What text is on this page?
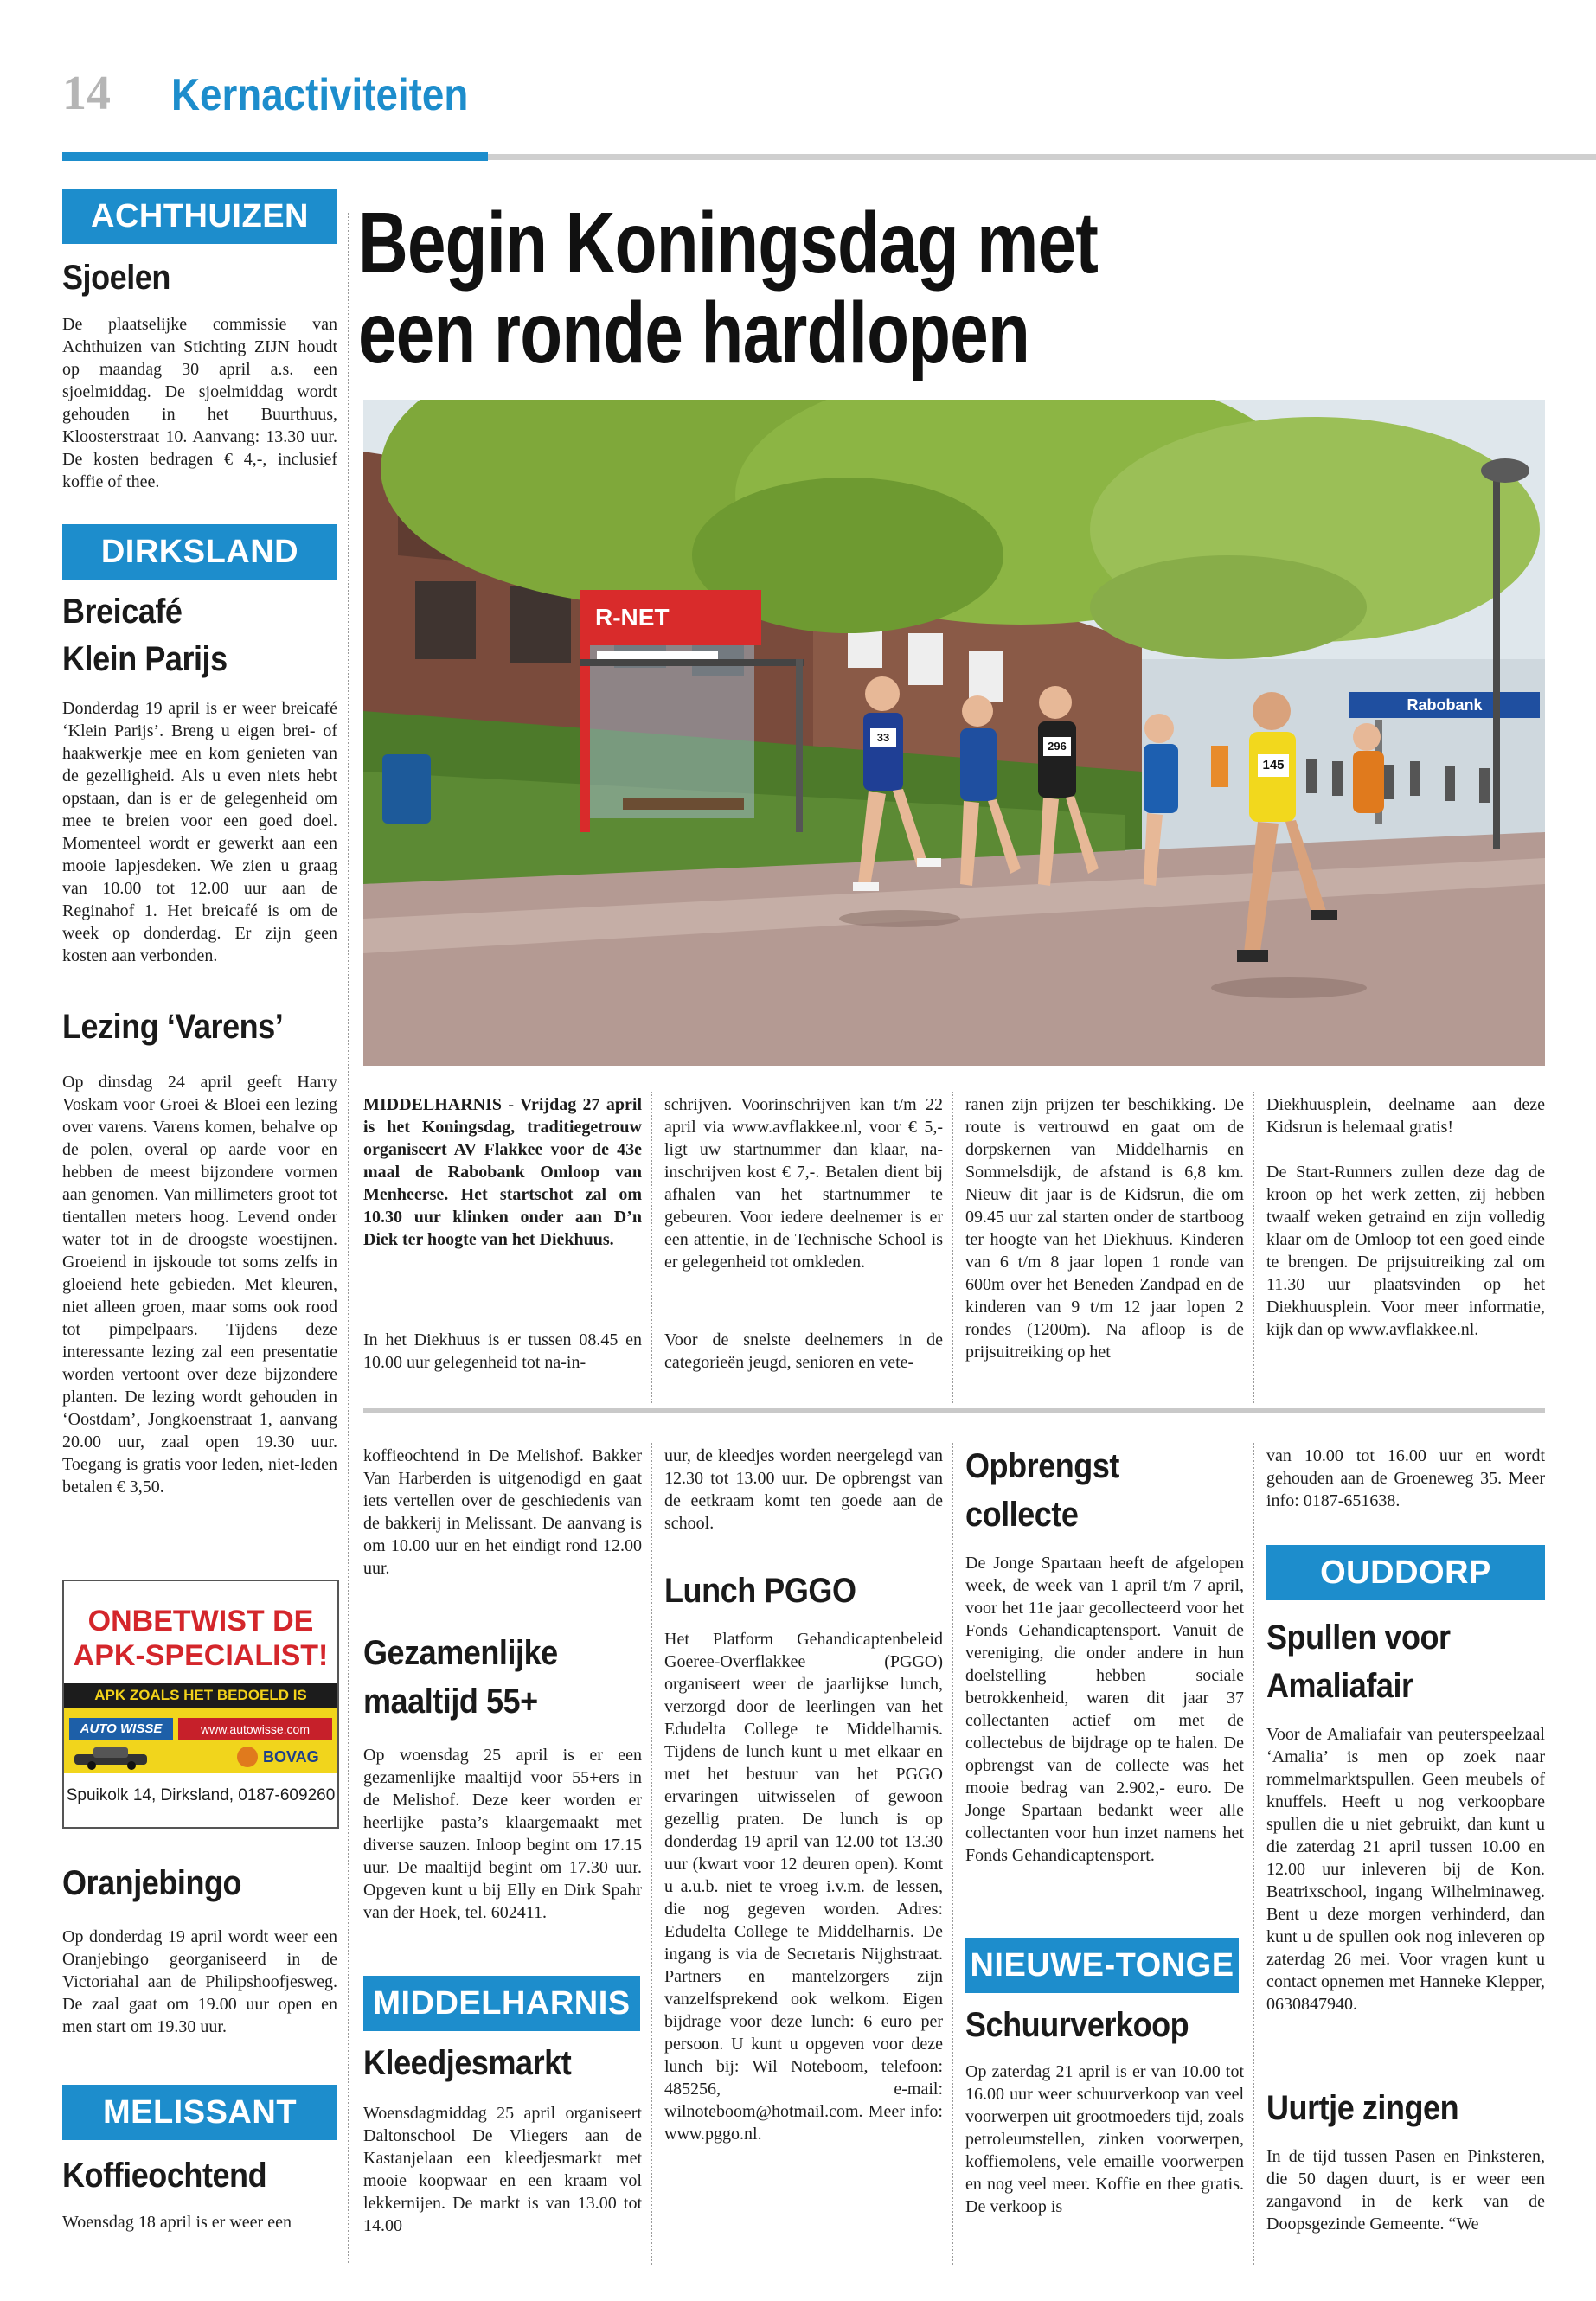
14 Kernactiviteiten
ACHTHUIZEN
Sjoelen

De plaatselijke commissie van Achthuizen van Stichting ZIJN houdt op maandag 30 april a.s. een sjoelmiddag. De sjoelmiddag wordt gehouden in het Buurthuus, Kloosterstraat 10. Aanvang: 13.30 uur. De kosten bedragen € 4,-, inclusief koffie of thee.

DIRKSLAND
Breicafé
Klein Parijs

Donderdag 19 april is er weer breicafé ‘Klein Parijs’. Breng u eigen brei- of haakwerkje mee en kom genieten van de gezelligheid. Als u even niets hebt opstaan, dan is er de gelegenheid om mee te breien voor een goed doel. Momenteel wordt er gewerkt aan een mooie lapjesdeken. We zien u graag van 10.00 tot 12.00 uur aan de Reginahof 1. Het breicafé is om de week op donderdag. Er zijn geen kosten aan verbonden.

Lezing ‘Varens’

Op dinsdag 24 april geeft Harry Voskam voor Groei & Bloei een lezing over varens. Varens komen, behalve op de polen, overal op aarde voor en hebben de meest bijzondere vormen aan genomen. Van millimeters groot tot tientallen meters hoog. Levend onder water tot in de droogste woestijnen. Groeiend in ijskoude tot soms zelfs in gloeiend hete gebieden. Met kleuren, niet alleen groen, maar soms ook rood tot pimpelpaars. Tijdens deze interessante lezing zal een presentatie worden vertoont over deze bijzondere planten. De lezing wordt gehouden in ‘Oostdam’, Jongkoenstraat 1, aanvang 20.00 uur, zaal open 19.30 uur. Toegang is gratis voor leden, niet-leden betalen € 3,50.

ONBETWIST DE
APK-SPECIALIST!
APK ZOALS HET BEDOELD IS
AUTO WISSE	www.autowisse.com
BOVAG
Spuikolk 14, Dirksland, 0187-609260
Oranjebingo

Op donderdag 19 april wordt weer een Oranjebingo georganiseerd in de Victoriahal aan de Philipshoofjesweg. De zaal gaat om 19.00 uur open en men start om 19.30 uur.

MELISSANT
Koffieochtend

Woensdag 18 april is er weer een

Begin Koningsdag met
een ronde hardlopen
R-NET
Rabobank
296
145
33

MIDDELHARNIS - Vrijdag 27 april is het Koningsdag, traditiegetrouw organiseert AV Flakkee voor de 43e maal de Rabobank Omloop van Menheerse. Het startschot zal om 10.30 uur klinken onder aan D’n Diek ter hoogte van het Diekhuus.

In het Diekhuus is er tussen 08.45 en 10.00 uur gelegenheid tot na-in-

schrijven. Voorinschrijven kan t/m 22 april via www.avflakkee.nl, voor € 5,- ligt uw startnummer dan klaar, na-inschrijven kost € 7,-. Betalen dient bij afhalen van het startnummer te gebeuren. Voor iedere deelnemer is er een attentie, in de Technische School is er gelegenheid tot omkleden.

Voor de snelste deelnemers in de categorieën jeugd, senioren en vete-

ranen zijn prijzen ter beschikking. De route is vertrouwd en gaat om de dorpskernen van Middelharnis en Sommelsdijk, de afstand is 6,8 km. Nieuw dit jaar is de Kidsrun, die om 09.45 uur zal starten onder de startboog ter hoogte van het Diekhuus. Kinderen van 6 t/m 8 jaar lopen 1 ronde van 600m over het Beneden Zandpad en de kinderen van 9 t/m 12 jaar lopen 2 rondes (1200m). Na afloop is de prijsuitreiking op het

Diekhuusplein, deelname aan deze Kidsrun is helemaal gratis!

De Start-Runners zullen deze dag de kroon op het werk zetten, zij hebben twaalf weken getraind en zijn volledig klaar om de Omloop tot een goed einde te brengen. De prijsuitreiking zal om 11.30 uur plaatsvinden op het Diekhuusplein. Voor meer informatie, kijk dan op www.avflakkee.nl.

koffieochtend in De Melishof. Bakker Van Harberden is uitgenodigd en gaat iets vertellen over de geschiedenis van de bakkerij in Melissant. De aanvang is om 10.00 uur en het eindigt rond 12.00 uur.

Gezamenlijke
maaltijd 55+

Op woensdag 25 april is er een gezamenlijke maaltijd voor 55+ers in de Melishof. Deze keer worden er heerlijke pasta’s klaargemaakt met diverse sauzen. Inloop begint om 17.15 uur. De maaltijd begint om 17.30 uur. Opgeven kunt u bij Elly en Dirk Spahr van der Hoek, tel. 602411.

MIDDELHARNIS
Kleedjesmarkt

Woensdagmiddag 25 april organiseert Daltonschool De Vliegers aan de Kastanjelaan een kleedjesmarkt met mooie koopwaar en een kraam vol lekkernijen. De markt is van 13.00 tot 14.00

uur, de kleedjes worden neergelegd van 12.30 tot 13.00 uur. De opbrengst van de eetkraam komt ten goede aan de school.

Lunch PGGO

Het Platform Gehandicaptenbeleid Goeree-Overflakkee (PGGO) organiseert weer de jaarlijkse lunch, verzorgd door de leerlingen van het Edudelta College te Middelharnis. Tijdens de lunch kunt u met elkaar en met het bestuur van het PGGO ervaringen uitwisselen of gewoon gezellig praten. De lunch is op donderdag 19 april van 12.00 tot 13.30 uur (kwart voor 12 deuren open). Komt u a.u.b. niet te vroeg i.v.m. de lessen, die nog gegeven worden. Adres: Edudelta College te Middelharnis. De ingang is via de Secretaris Nijghstraat. Partners en mantelzorgers zijn vanzelfsprekend ook welkom. Eigen bijdrage voor deze lunch: 6 euro per persoon. U kunt u opgeven voor deze lunch bij: Wil Noteboom, telefoon: 485256, e-mail: wilnoteboom@hotmail.com. Meer info: www.pggo.nl.

Opbrengst
collecte

De Jonge Spartaan heeft de afgelopen week, de week van 1 april t/m 7 april, voor het 11e jaar gecollecteerd voor het Fonds Gehandicaptensport. Vanuit de vereniging, die onder andere in hun doelstelling hebben sociale betrokkenheid, waren dit jaar 37 collectanten actief om met de collectebus de bijdrage op te halen. De opbrengst van de collecte was het mooie bedrag van 2.902,- euro. De Jonge Spartaan bedankt weer alle collectanten voor hun inzet namens het Fonds Gehandicaptensport.

NIEUWE-TONGE
Schuurverkoop

Op zaterdag 21 april is er van 10.00 tot 16.00 uur weer schuurverkoop van veel voorwerpen uit grootmoeders tijd, zoals petroleumstellen, zinken voorwerpen, koffiemolens, vele emaille voorwerpen en nog veel meer. Koffie en thee gratis. De verkoop is

van 10.00 tot 16.00 uur en wordt gehouden aan de Groeneweg 35. Meer info: 0187-651638.

OUDDORP
Spullen voor
Amaliafair

Voor de Amaliafair van peuterspeelzaal ‘Amalia’ is men op zoek naar rommelmarktspullen. Geen meubels of knuffels. Heeft u nog verkoopbare spullen die u niet gebruikt, dan kunt u die zaterdag 21 april tussen 10.00 en 12.00 uur inleveren bij de Kon. Beatrixschool, ingang Wilhelminaweg. Bent u deze morgen verhinderd, dan kunt u de spullen ook nog inleveren op zaterdag 26 mei. Voor vragen kunt u contact opnemen met Hanneke Klepper, 0630847940.

Uurtje zingen

In de tijd tussen Pasen en Pinksteren, die 50 dagen duurt, is er weer een zangavond in de kerk van de Doopsgezinde Gemeente. “We
